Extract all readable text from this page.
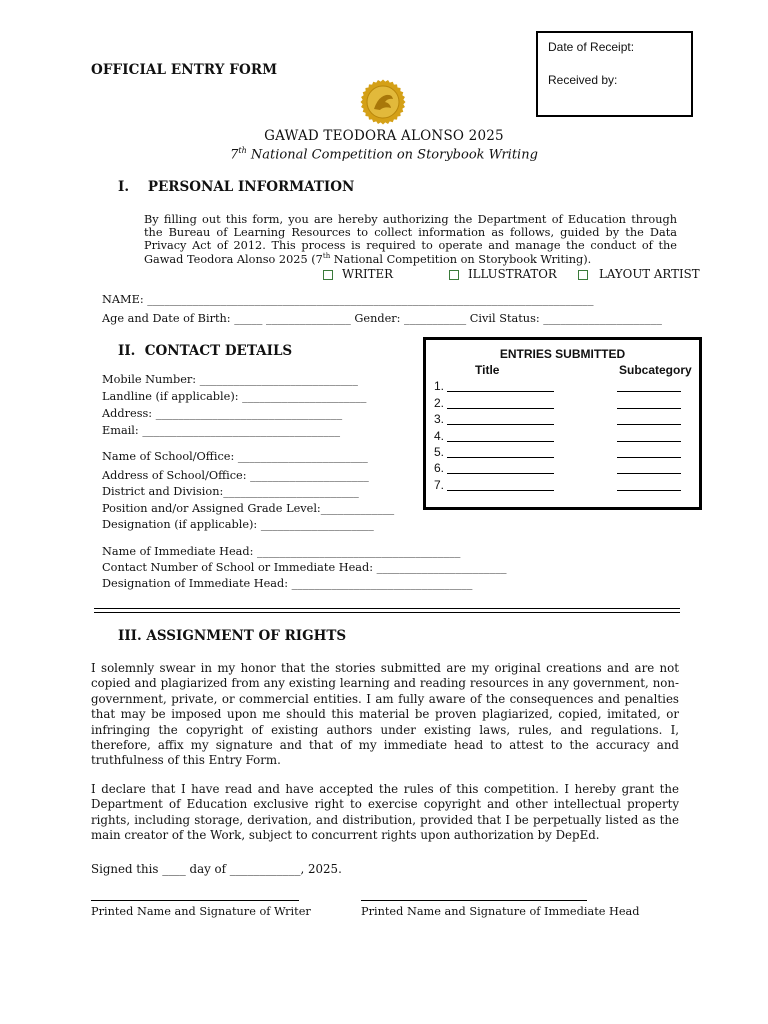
OFFICIAL ENTRY FORM
Date of Receipt:
Received by:
GAWAD TEODORA ALONSO 2025
7th National Competition on Storybook Writing
I.    PERSONAL INFORMATION
By filling out this form, you are hereby authorizing the Department of Education through the Bureau of Learning Resources to collect information as follows, guided by the Data Privacy Act of 2012. This process is required to operate and manage the conduct of the Gawad Teodora Alonso 2025 (7th National Competition on Storybook Writing).
WRITER	ILLUSTRATOR	LAYOUT ARTIST
NAME: _______________________________________________________________________________
Age and Date of Birth: _____ _______________ Gender: ___________ Civil Status: _____________________
II.  CONTACT DETAILS
Mobile Number: ____________________________
Landline (if applicable): ______________________
Address: _________________________________
Email: ___________________________________
Name of School/Office: _______________________
Address of School/Office: _____________________
District and Division:________________________
Position and/or Assigned Grade Level:_____________
Designation (if applicable): ____________________
Name of Immediate Head: ____________________________________
Contact Number of School or Immediate Head: _______________________
Designation of Immediate Head: ________________________________
ENTRIES SUBMITTED
Title	Subcategory
1.
2.
3.
4.
5.
6.
7.
III. ASSIGNMENT OF RIGHTS
I solemnly swear in my honor that the stories submitted are my original creations and are not copied and plagiarized from any existing learning and reading resources in any government, non-government, private, or commercial entities. I am fully aware of the consequences and penalties that may be imposed upon me should this material be proven plagiarized, copied, imitated, or infringing the copyright of existing authors under existing laws, rules, and regulations. I, therefore, affix my signature and that of my immediate head to attest to the accuracy and truthfulness of this Entry Form.
I declare that I have read and have accepted the rules of this competition. I hereby grant the Department of Education exclusive right to exercise copyright and other intellectual property rights, including storage, derivation, and distribution, provided that I be perpetually listed as the main creator of the Work, subject to concurrent rights upon authorization by DepEd.
Signed this ____ day of ____________, 2025.
Printed Name and Signature of Writer	Printed Name and Signature of Immediate Head
